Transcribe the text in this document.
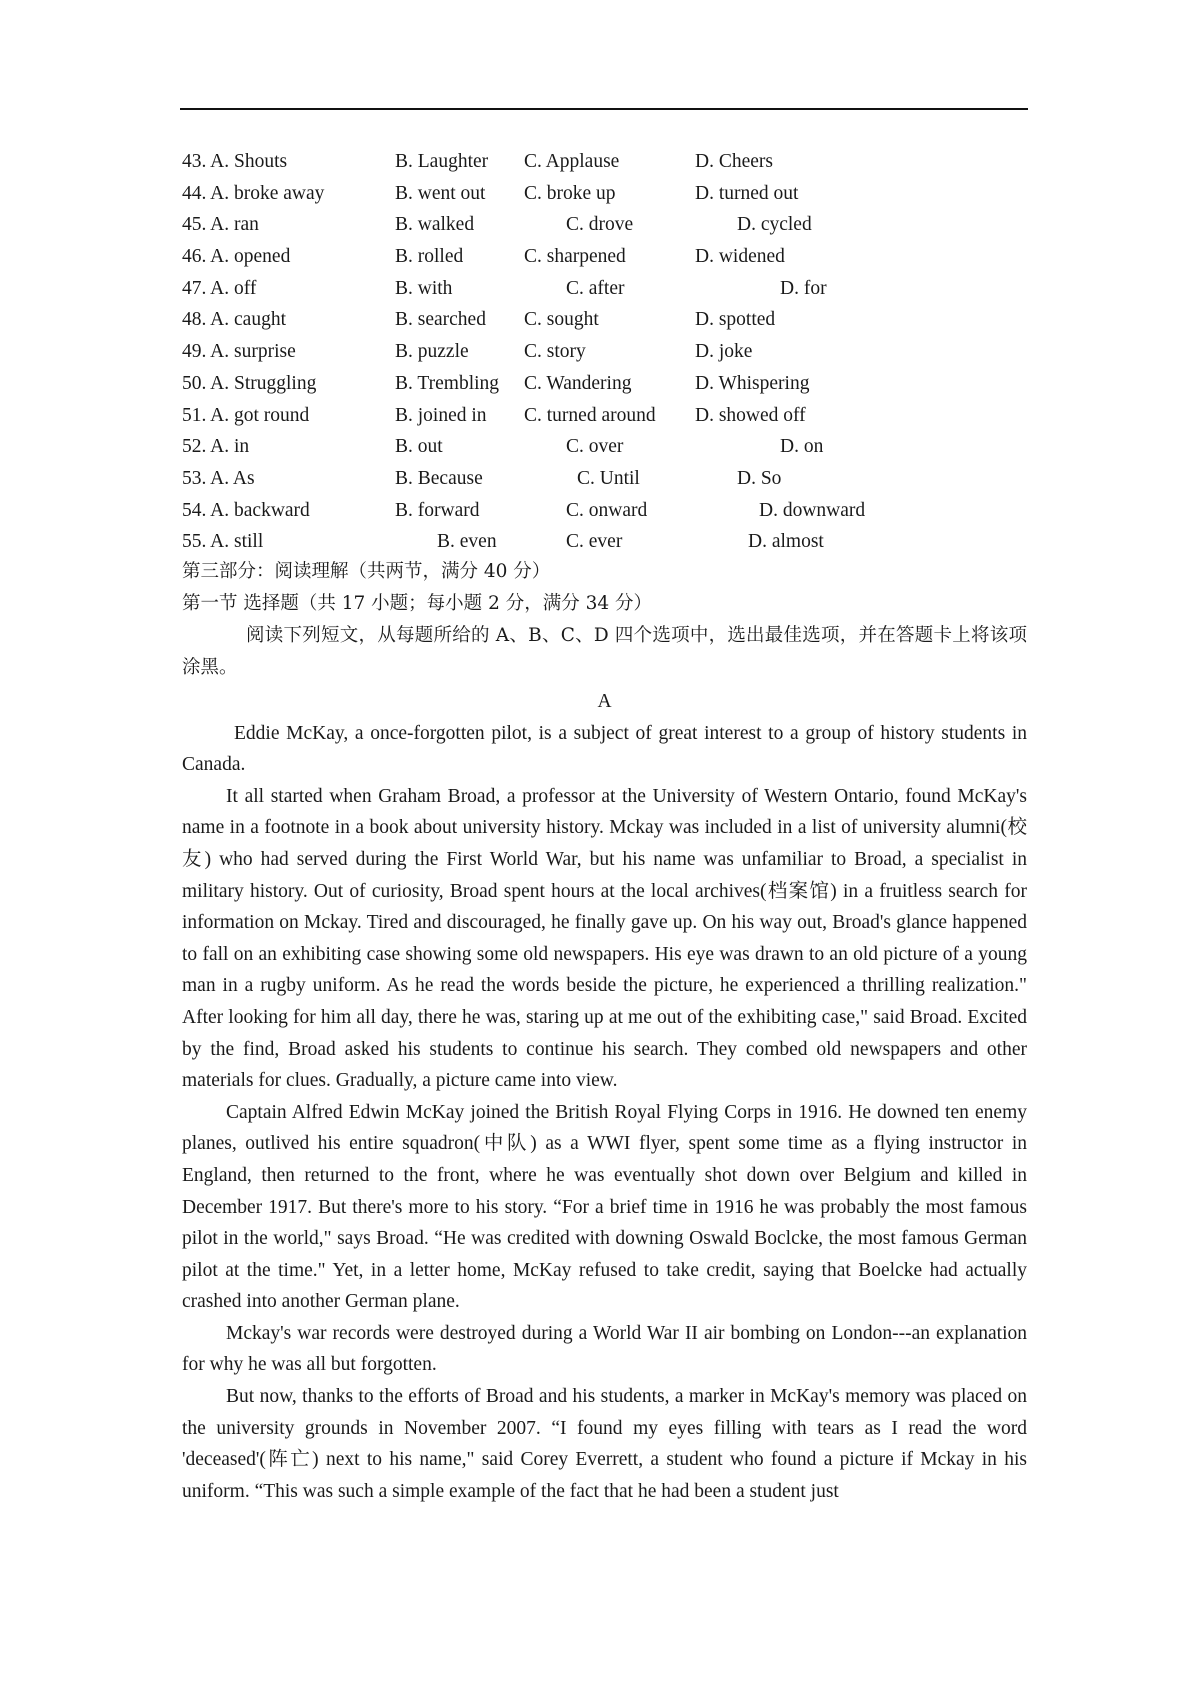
43. A. Shouts	B. Laughter C. Applause	D. Cheers
44. A. broke away	B. went out C. broke up	D. turned out
45. A. ran	B. walked	C. drove	D. cycled
46. A. opened	B. rolled	C. sharpened	D. widened
47. A. off	B. with	C. after	D. for
48. A. caught	B. searched C. sought	D. spotted
49. A. surprise	B. puzzle	C. story	D. joke
50. A. Struggling	B. Trembling C. Wandering	D. Whispering
51. A. got round	B. joined in C. turned around D. showed off
52. A. in	B. out	C. over	D. on
53. A. As	B. Because	C. Until	D. So
54. A. backward	B. forward	C. onward	D. downward
55. A. still	B. even	C. ever	D. almost
第三部分：阅读理解（共两节，满分 40 分）
第一节 选择题（共 17 小题；每小题 2 分，满分 34 分）
阅读下列短文，从每题所给的 A、B、C、D 四个选项中，选出最佳选项，并在答题卡上将该项涂黑。

A

Eddie McKay, a once-forgotten pilot, is a subject of great interest to a group of history students in Canada.

It all started when Graham Broad, a professor at the University of Western Ontario, found McKay's name in a footnote in a book about university history. Mckay was included in a list of university alumni(校友) who had served during the First World War, but his name was unfamiliar to Broad, a specialist in military history. Out of curiosity, Broad spent hours at the local archives(档案馆) in a fruitless search for information on Mckay. Tired and discouraged, he finally gave up. On his way out, Broad's glance happened to fall on an exhibiting case showing some old newspapers. His eye was drawn to an old picture of a young man in a rugby uniform. As he read the words beside the picture, he experienced a thrilling realization." After looking for him all day, there he was, staring up at me out of the exhibiting case," said Broad. Excited by the find, Broad asked his students to continue his search. They combed old newspapers and other materials for clues. Gradually, a picture came into view.

Captain Alfred Edwin McKay joined the British Royal Flying Corps in 1916. He downed ten enemy planes, outlived his entire squadron(中队) as a WWI flyer, spent some time as a flying instructor in England, then returned to the front, where he was eventually shot down over Belgium and killed in December 1917. But there's more to his story. “For a brief time in 1916 he was probably the most famous pilot in the world," says Broad. “He was credited with downing Oswald Boclcke, the most famous German pilot at the time." Yet, in a letter home, McKay refused to take credit, saying that Boelcke had actually crashed into another German plane.

Mckay's war records were destroyed during a World War II air bombing on London---an explanation for why he was all but forgotten.

But now, thanks to the efforts of Broad and his students, a marker in McKay's memory was placed on the university grounds in November 2007. “I found my eyes filling with tears as I read the word 'deceased'(阵亡) next to his name," said Corey Everrett, a student who found a picture if Mckay in his uniform. “This was such a simple example of the fact that he had been a student just
